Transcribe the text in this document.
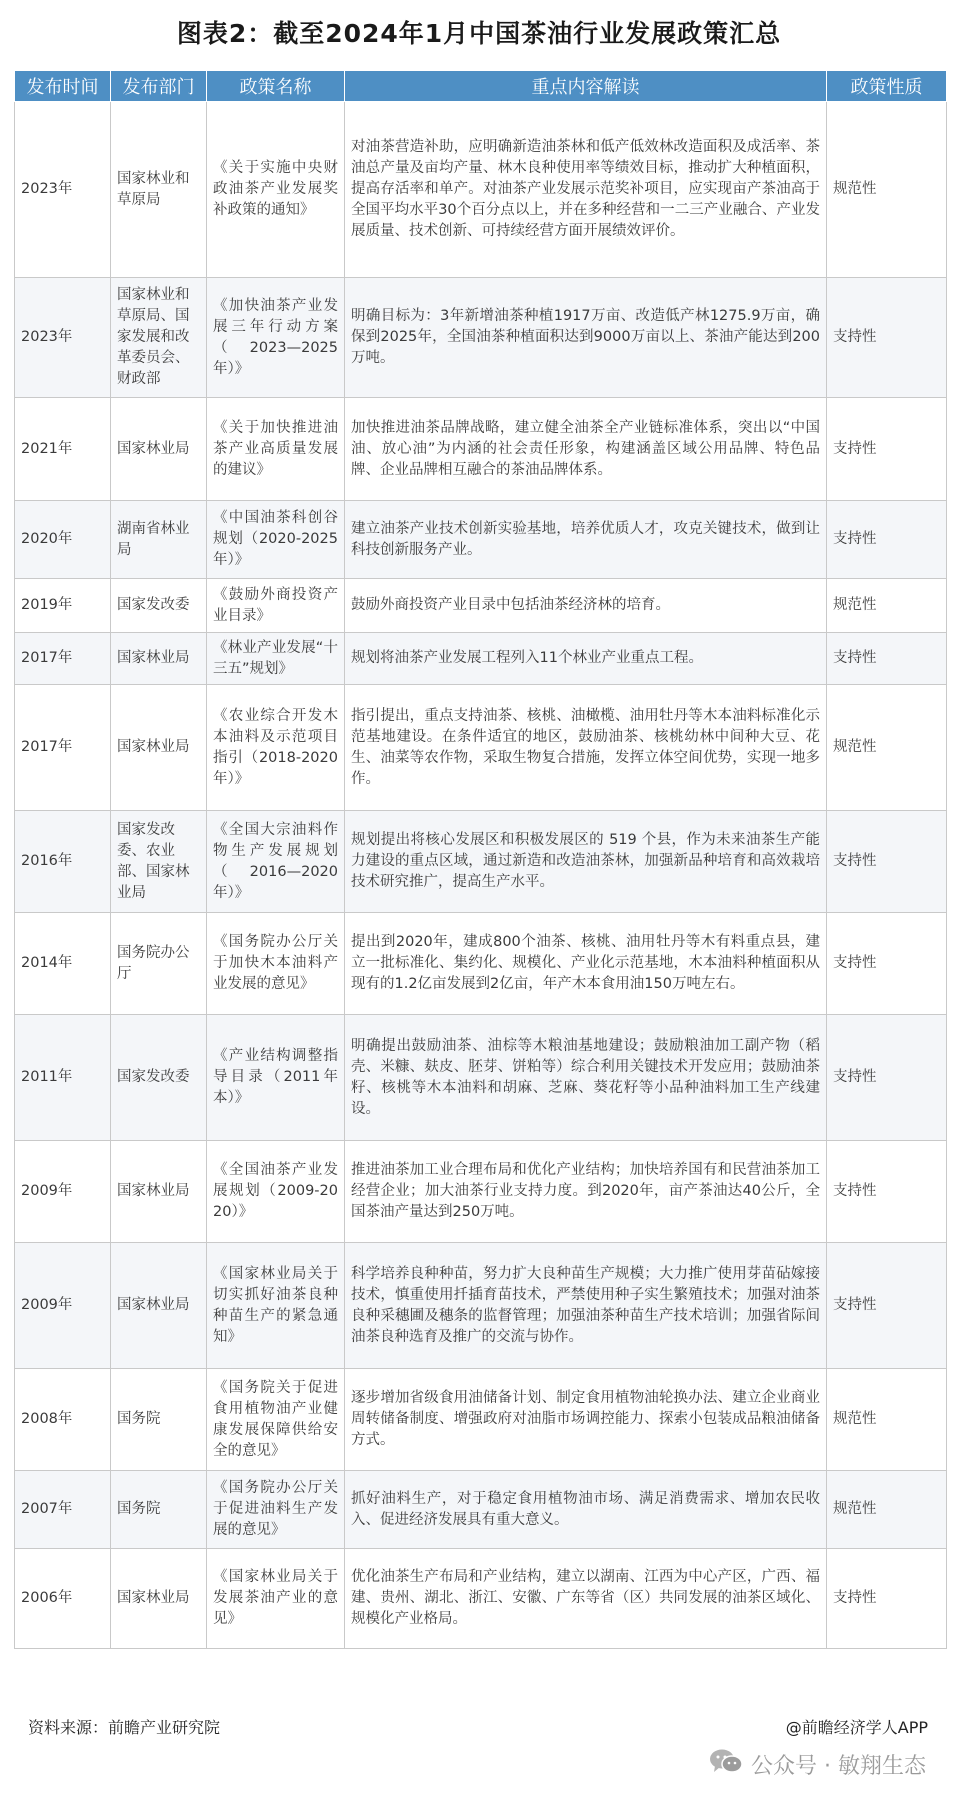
图表2：截至2024年1月中国茶油行业发展政策汇总
发布时间	发布部门	政策名称	重点内容解读	政策性质
2023年	国家林业和草原局	《关于实施中央财政油茶产业发展奖补政策的通知》	对油茶营造补助，应明确新造油茶林和低产低效林改造面积及成活率、茶油总产量及亩均产量、林木良种使用率等绩效目标，推动扩大种植面积，提高存活率和单产。对油茶产业发展示范奖补项目，应实现亩产茶油高于全国平均水平30个百分点以上，并在多种经营和一二三产业融合、产业发展质量、技术创新、可持续经营方面开展绩效评价。	规范性
2023年	国家林业和草原局、国家发展和改革委员会、财政部	《加快油茶产业发展三年行动方案（2023—2025年）》	明确目标为：3年新增油茶种植1917万亩、改造低产林1275.9万亩，确保到2025年，全国油茶种植面积达到9000万亩以上、茶油产能达到200万吨。	支持性
2021年	国家林业局	《关于加快推进油茶产业高质量发展的建议》	加快推进油茶品牌战略，建立健全油茶全产业链标准体系，突出以“中国油、放心油”为内涵的社会责任形象，构建涵盖区域公用品牌、特色品牌、企业品牌相互融合的茶油品牌体系。	支持性
2020年	湖南省林业局	《中国油茶科创谷规划（2020-2025年）》	建立油茶产业技术创新实验基地，培养优质人才，攻克关键技术，做到让科技创新服务产业。	支持性
2019年	国家发改委	《鼓励外商投资产业目录》	鼓励外商投资产业目录中包括油茶经济林的培育。	规范性
2017年	国家林业局	《林业产业发展“十三五”规划》	规划将油茶产业发展工程列入11个林业产业重点工程。	支持性
2017年	国家林业局	《农业综合开发木本油料及示范项目指引（2018-2020年）》	指引提出，重点支持油茶、核桃、油橄榄、油用牡丹等木本油料标准化示范基地建设。在条件适宜的地区，鼓励油茶、核桃幼林中间种大豆、花生、油菜等农作物，采取生物复合措施，发挥立体空间优势，实现一地多作。	规范性
2016年	国家发改委、农业部、国家林业局	《全国大宗油料作物生产发展规划（2016—2020年）》	规划提出将核心发展区和积极发展区的 519 个县，作为未来油茶生产能力建设的重点区域，通过新造和改造油茶林，加强新品种培育和高效栽培技术研究推广，提高生产水平。	支持性
2014年	国务院办公厅	《国务院办公厅关于加快木本油料产业发展的意见》	提出到2020年，建成800个油茶、核桃、油用牡丹等木有料重点县，建立一批标准化、集约化、规模化、产业化示范基地，木本油料种植面积从现有的1.2亿亩发展到2亿亩，年产木本食用油150万吨左右。	支持性
2011年	国家发改委	《产业结构调整指导目录（2011年本）》	明确提出鼓励油茶、油棕等木粮油基地建设；鼓励粮油加工副产物（稻壳、米糠、麸皮、胚芽、饼粕等）综合利用关键技术开发应用；鼓励油茶籽、核桃等木本油料和胡麻、芝麻、葵花籽等小品种油料加工生产线建设。	支持性
2009年	国家林业局	《全国油茶产业发展规划（2009-2020）》	推进油茶加工业合理布局和优化产业结构；加快培养国有和民营油茶加工经营企业；加大油茶行业支持力度。到2020年，亩产茶油达40公斤，全国茶油产量达到250万吨。	支持性
2009年	国家林业局	《国家林业局关于切实抓好油茶良种种苗生产的紧急通知》	科学培养良种种苗，努力扩大良种苗生产规模；大力推广使用芽苗砧嫁接技术，慎重使用扦插育苗技术，严禁使用种子实生繁殖技术；加强对油茶良种采穗圃及穗条的监督管理；加强油茶种苗生产技术培训；加强省际间油茶良种选育及推广的交流与协作。	支持性
2008年	国务院	《国务院关于促进食用植物油产业健康发展保障供给安全的意见》	逐步增加省级食用油储备计划、制定食用植物油轮换办法、建立企业商业周转储备制度、增强政府对油脂市场调控能力、探索小包装成品粮油储备方式。	规范性
2007年	国务院	《国务院办公厅关于促进油料生产发展的意见》	抓好油料生产，对于稳定食用植物油市场、满足消费需求、增加农民收入、促进经济发展具有重大意义。	规范性
2006年	国家林业局	《国家林业局关于发展茶油产业的意见》	优化油茶生产布局和产业结构，建立以湖南、江西为中心产区，广西、福建、贵州、湖北、浙江、安徽、广东等省（区）共同发展的油茶区域化、规模化产业格局。	支持性
资料来源：前瞻产业研究院	@前瞻经济学人APP
公众号 · 敏翔生态
